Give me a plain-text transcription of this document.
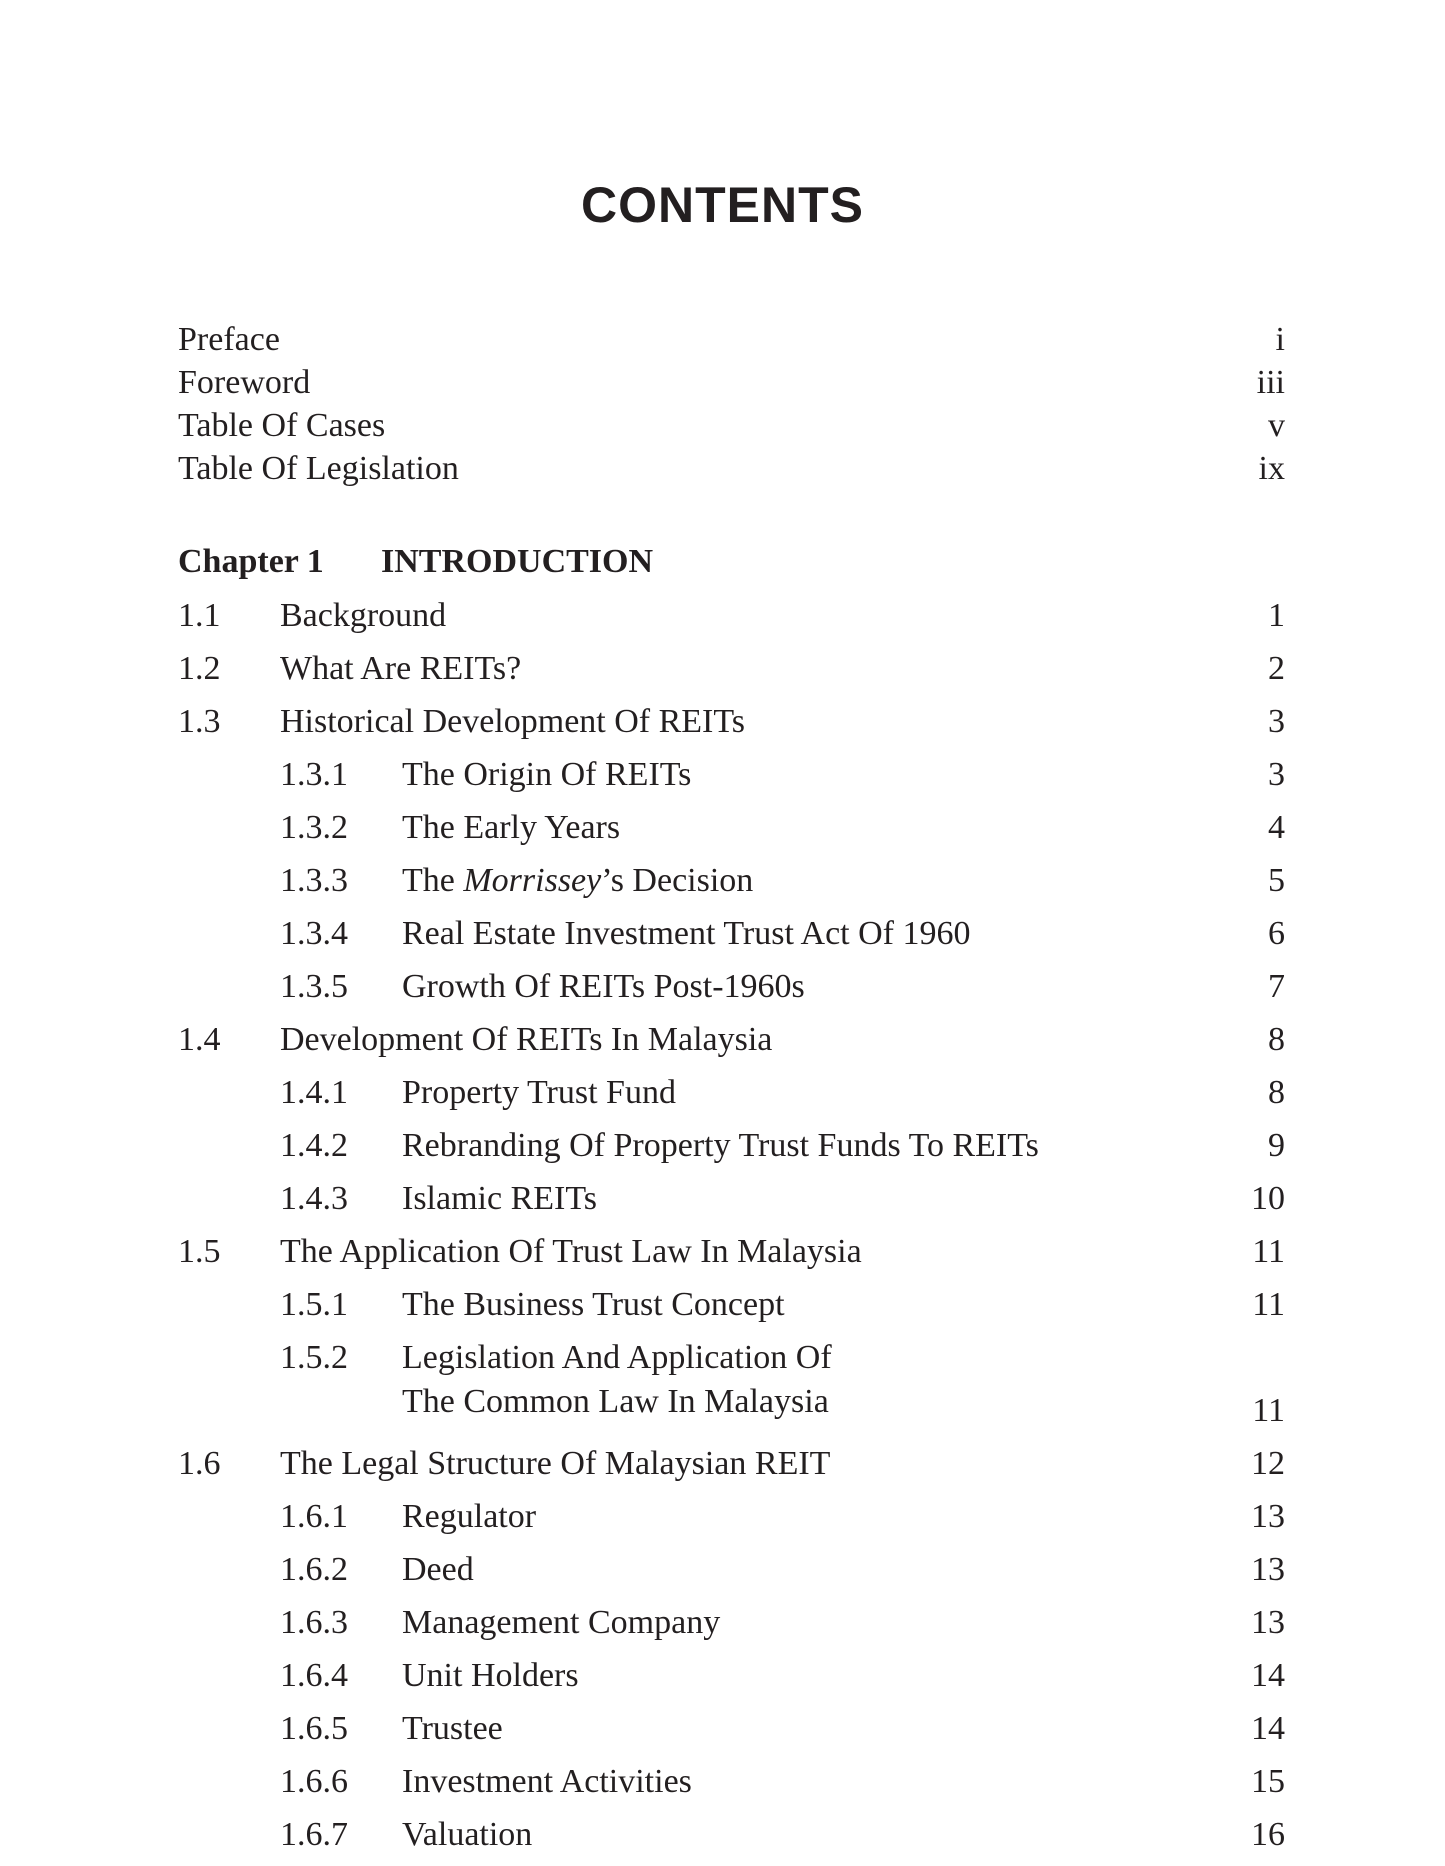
CONTENTS
Preface	i
Foreword	iii
Table Of Cases	v
Table Of Legislation	ix
Chapter 1 INTRODUCTION
1.1 Background	1
1.2 What Are REITs?	2
1.3 Historical Development Of REITs	3
1.3.1 The Origin Of REITs	3
1.3.2 The Early Years	4
1.3.3 The Morrissey’s Decision	5
1.3.4 Real Estate Investment Trust Act Of 1960	6
1.3.5 Growth Of REITs Post-1960s	7
1.4 Development Of REITs In Malaysia	8
1.4.1 Property Trust Fund	8
1.4.2 Rebranding Of Property Trust Funds To REITs	9
1.4.3 Islamic REITs	10
1.5 The Application Of Trust Law In Malaysia	11
1.5.1 The Business Trust Concept	11
1.5.2 Legislation And Application Of
The Common Law In Malaysia	11
1.6 The Legal Structure Of Malaysian REIT	12
1.6.1 Regulator	13
1.6.2 Deed	13
1.6.3 Management Company	13
1.6.4 Unit Holders	14
1.6.5 Trustee	14
1.6.6 Investment Activities	15
1.6.7 Valuation	16
